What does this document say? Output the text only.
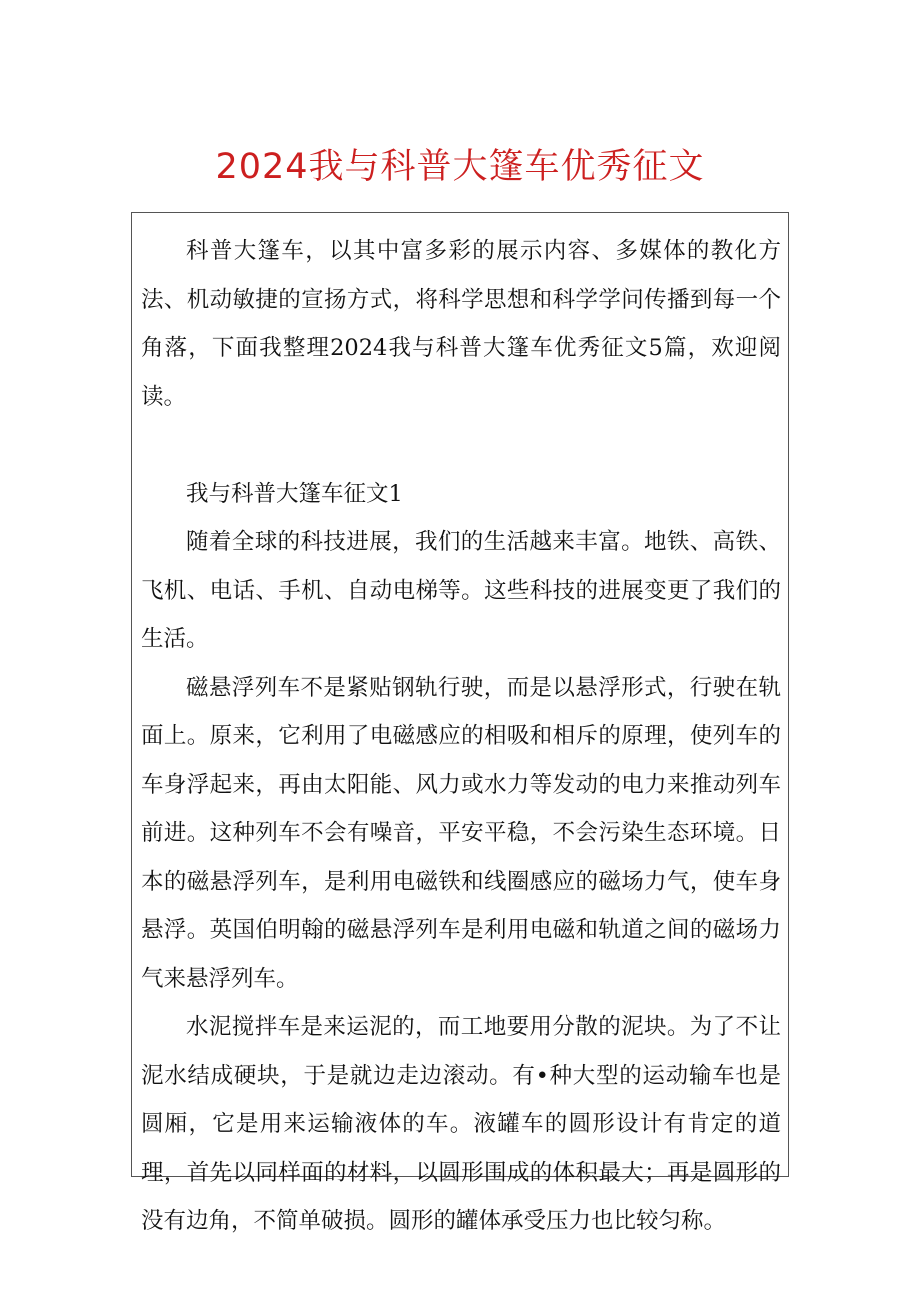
2024我与科普大篷车优秀征文

科普大篷车，以其中富多彩的展示内容、多媒体的教化方法、机动敏捷的宣扬方式，将科学思想和科学学问传播到每一个角落，下面我整理2024我与科普大篷车优秀征文5篇，欢迎阅读。

我与科普大篷车征文1

随着全球的科技进展，我们的生活越来丰富。地铁、高铁、飞机、电话、手机、自动电梯等。这些科技的进展变更了我们的生活。

磁悬浮列车不是紧贴钢轨行驶，而是以悬浮形式，行驶在轨面上。原来，它利用了电磁感应的相吸和相斥的原理，使列车的车身浮起来，再由太阳能、风力或水力等发动的电力来推动列车前进。这种列车不会有噪音，平安平稳，不会污染生态环境。日本的磁悬浮列车，是利用电磁铁和线圈感应的磁场力气，使车身悬浮。英国伯明翰的磁悬浮列车是利用电磁和轨道之间的磁场力气来悬浮列车。

水泥搅拌车是来运泥的，而工地要用分散的泥块。为了不让泥水结成硬块，于是就边走边滚动。有•种大型的运动输车也是圆厢，它是用来运输液体的车。液罐车的圆形设计有肯定的道理，首先以同样面的材料，以圆形围成的体积最大；再是圆形的没有边角，不简单破损。圆形的罐体承受压力也比较匀称。
